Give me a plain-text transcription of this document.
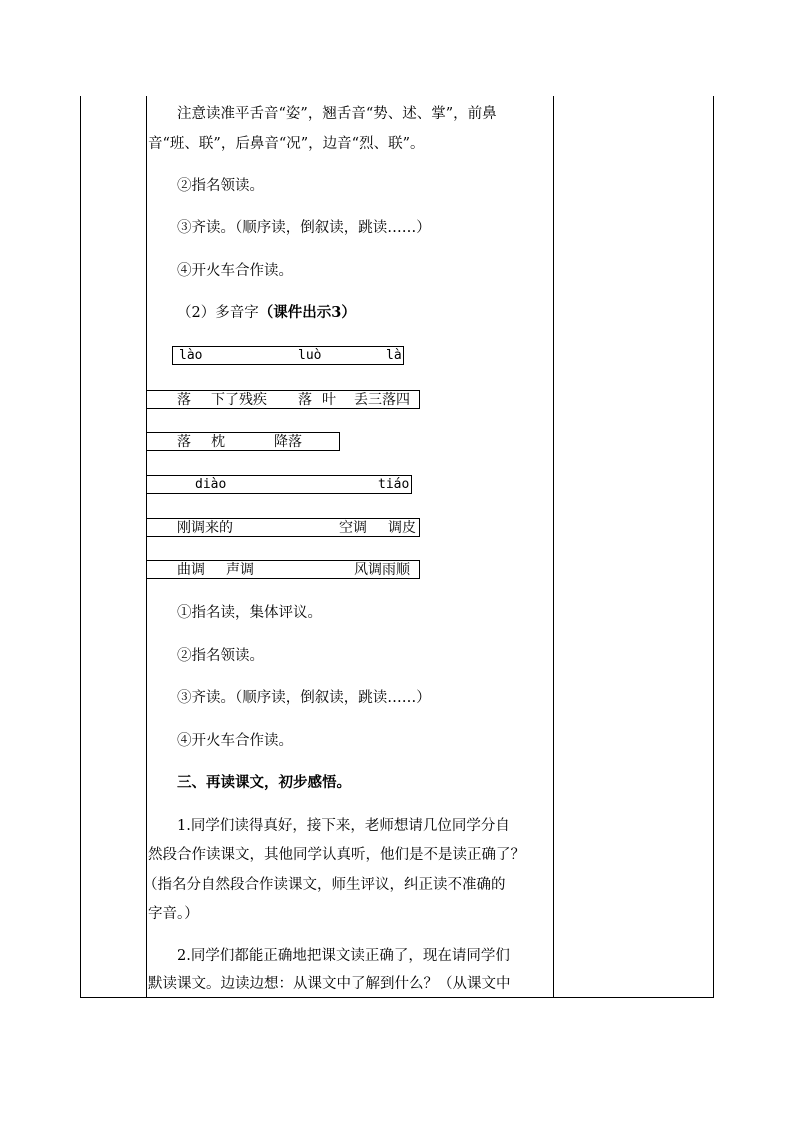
注意读准平舌音“姿”，翘舌音“势、述、掌”，前鼻
音“班、联”，后鼻音“况”，边音“烈、联”。
②指名领读。
③齐读。（顺序读，倒叙读，跳读……）
④开火车合作读。
（2）多音字（课件出示3）
lào	luò	là
落 下了残疾 落 叶 丢三落四
落 枕	降落
diào	tiáo
刚调来的	空调 调皮
曲调 声调	风调雨顺
①指名读，集体评议。
②指名领读。
③齐读。（顺序读，倒叙读，跳读……）
④开火车合作读。
三、再读课文，初步感悟。
1.同学们读得真好，接下来，老师想请几位同学分自
然段合作读课文，其他同学认真听，他们是不是读正确了？
（指名分自然段合作读课文，师生评议，纠正读不准确的
字音。）
2.同学们都能正确地把课文读正确了，现在请同学们
默读课文。边读边想：从课文中了解到什么？（从课文中
